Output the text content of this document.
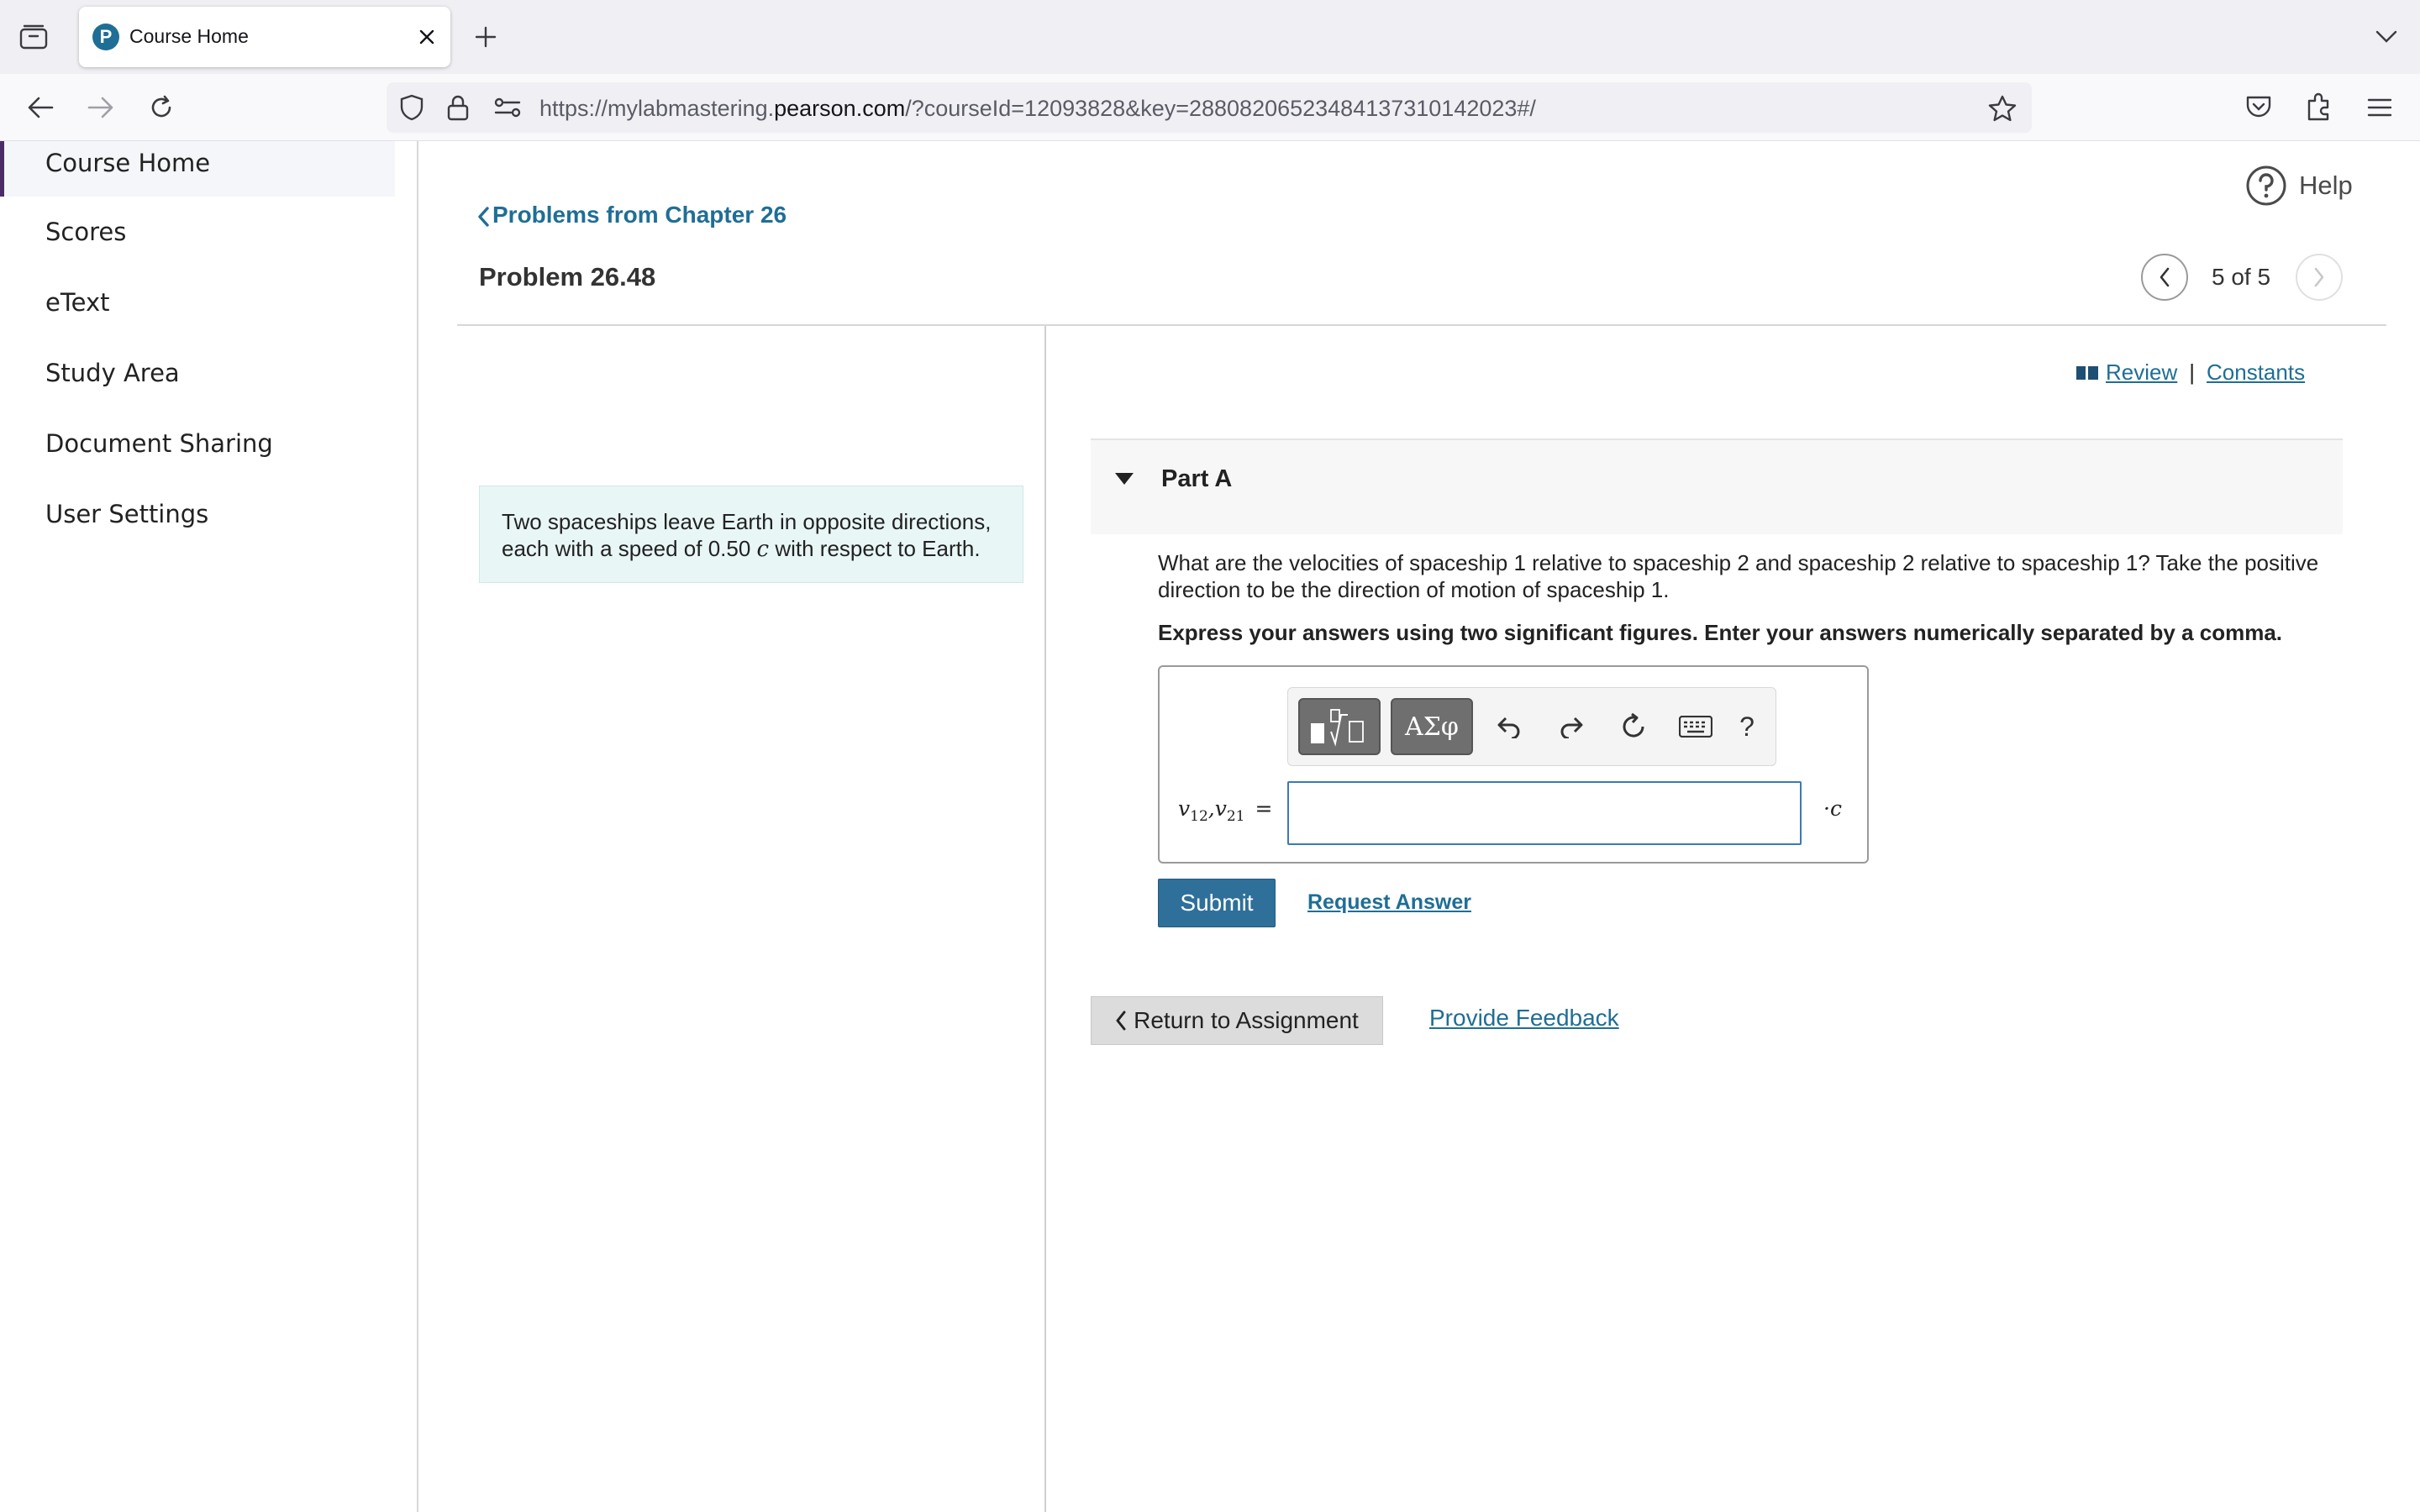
P Course Home
https://mylabmastering.pearson.com/?courseId=12093828&key=288082065234841373101420​23#/
Course Home
Scores
eText
Study Area
Document Sharing
User Settings
Problems from Chapter 26
Problem 26.48
Help
5 of 5
Two spaceships leave Earth in opposite directions, each with a speed of 0.50 c with respect to Earth.
Review | Constants
Part A
What are the velocities of spaceship 1 relative to spaceship 2 and spaceship 2 relative to spaceship 1? Take the positive direction to be the direction of motion of spaceship 1.
Express your answers using two significant figures. Enter your answers numerically separated by a comma.
ΑΣφ	?
$v_{12},v_{21}$ =	·c
Submit	Request Answer
Return to Assignment	Provide Feedback
